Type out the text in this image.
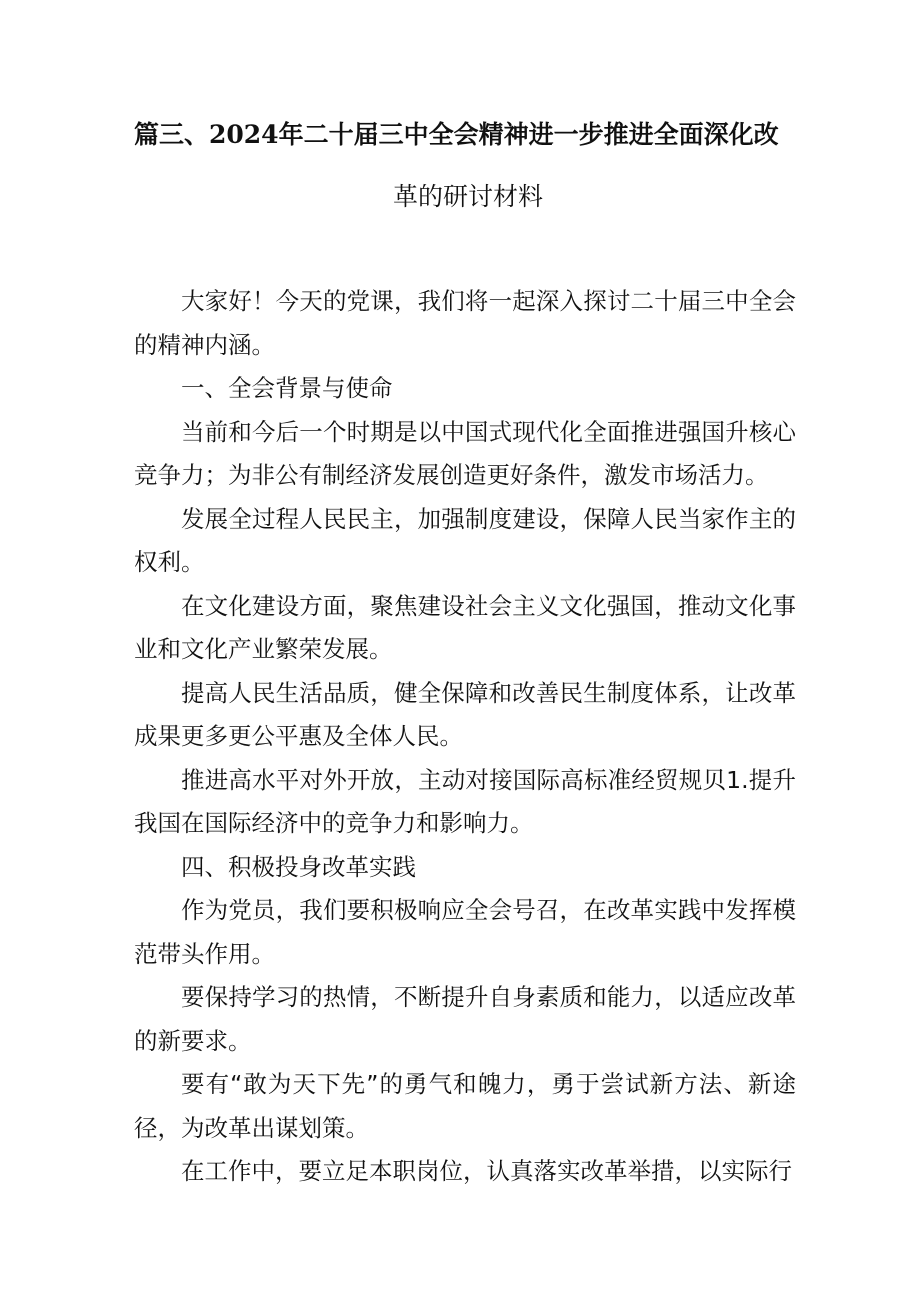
篇三、2024年二十届三中全会精神进一步推进全面深化改
革的研讨材料

大家好！今天的党课，我们将一起深入探讨二十届三中全会的精神内涵。

一、全会背景与使命

当前和今后一个时期是以中国式现代化全面推进强国升核心竞争力；为非公有制经济发展创造更好条件，激发市场活力。

发展全过程人民民主，加强制度建设，保障人民当家作主的权利。

在文化建设方面，聚焦建设社会主义文化强国，推动文化事业和文化产业繁荣发展。

提高人民生活品质，健全保障和改善民生制度体系，让改革成果更多更公平惠及全体人民。

推进高水平对外开放，主动对接国际高标准经贸规贝1.提升我国在国际经济中的竞争力和影响力。

四、积极投身改革实践

作为党员，我们要积极响应全会号召，在改革实践中发挥模范带头作用。

要保持学习的热情，不断提升自身素质和能力，以适应改革的新要求。

要有“敢为天下先”的勇气和魄力，勇于尝试新方法、新途径，为改革出谋划策。

在工作中，要立足本职岗位，认真落实改革举措，以实际行
